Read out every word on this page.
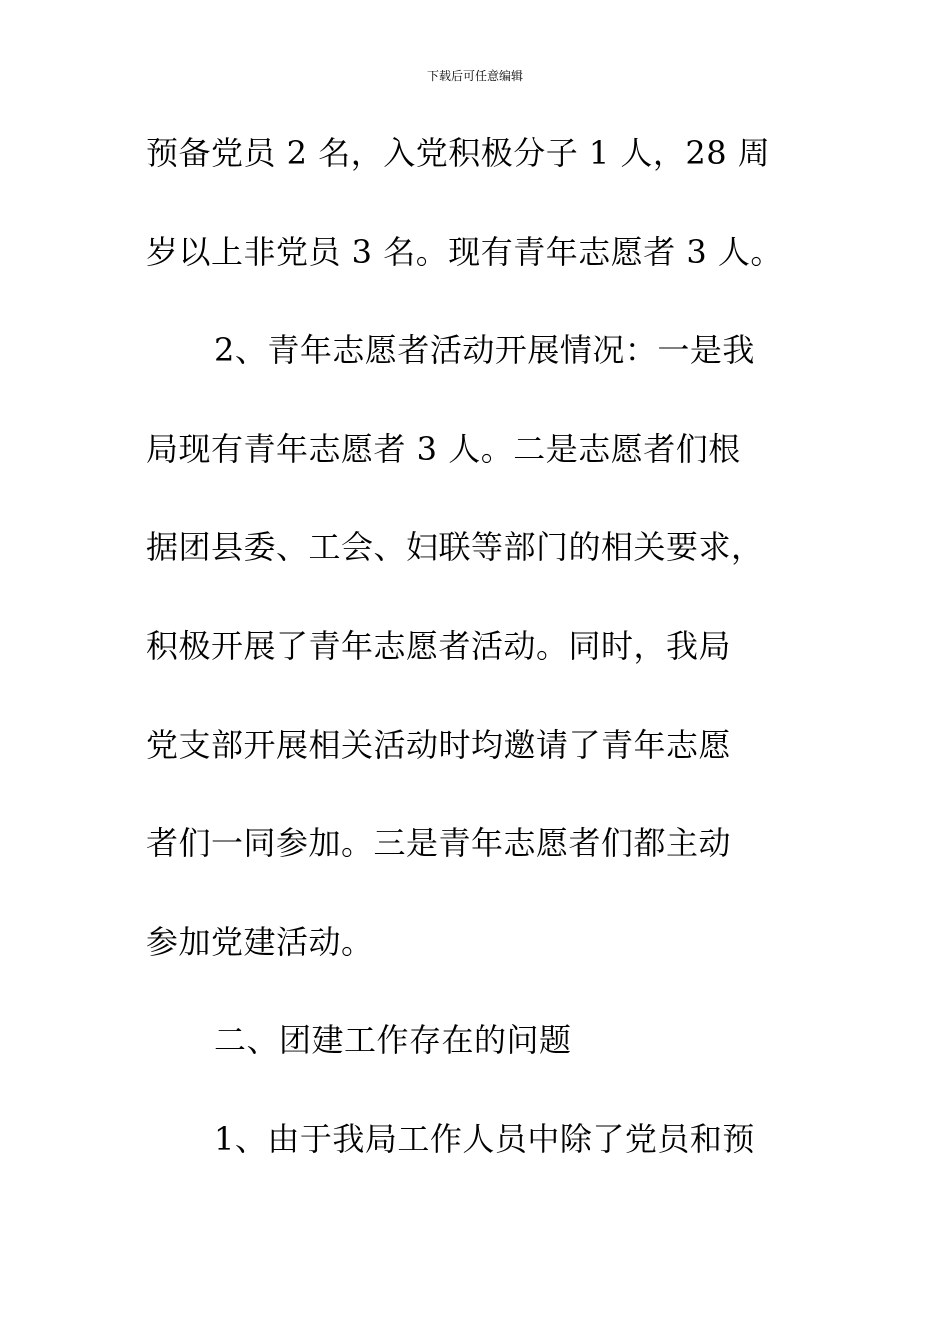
下载后可任意编辑
预备党员 2 名，入党积极分子 1 人，28 周
岁以上非党员 3 名。现有青年志愿者 3 人。
2、青年志愿者活动开展情况：一是我
局现有青年志愿者 3 人。二是志愿者们根
据团县委、工会、妇联等部门的相关要求，
积极开展了青年志愿者活动。同时，我局
党支部开展相关活动时均邀请了青年志愿
者们一同参加。三是青年志愿者们都主动
参加党建活动。
二、团建工作存在的问题
1、由于我局工作人员中除了党员和预
